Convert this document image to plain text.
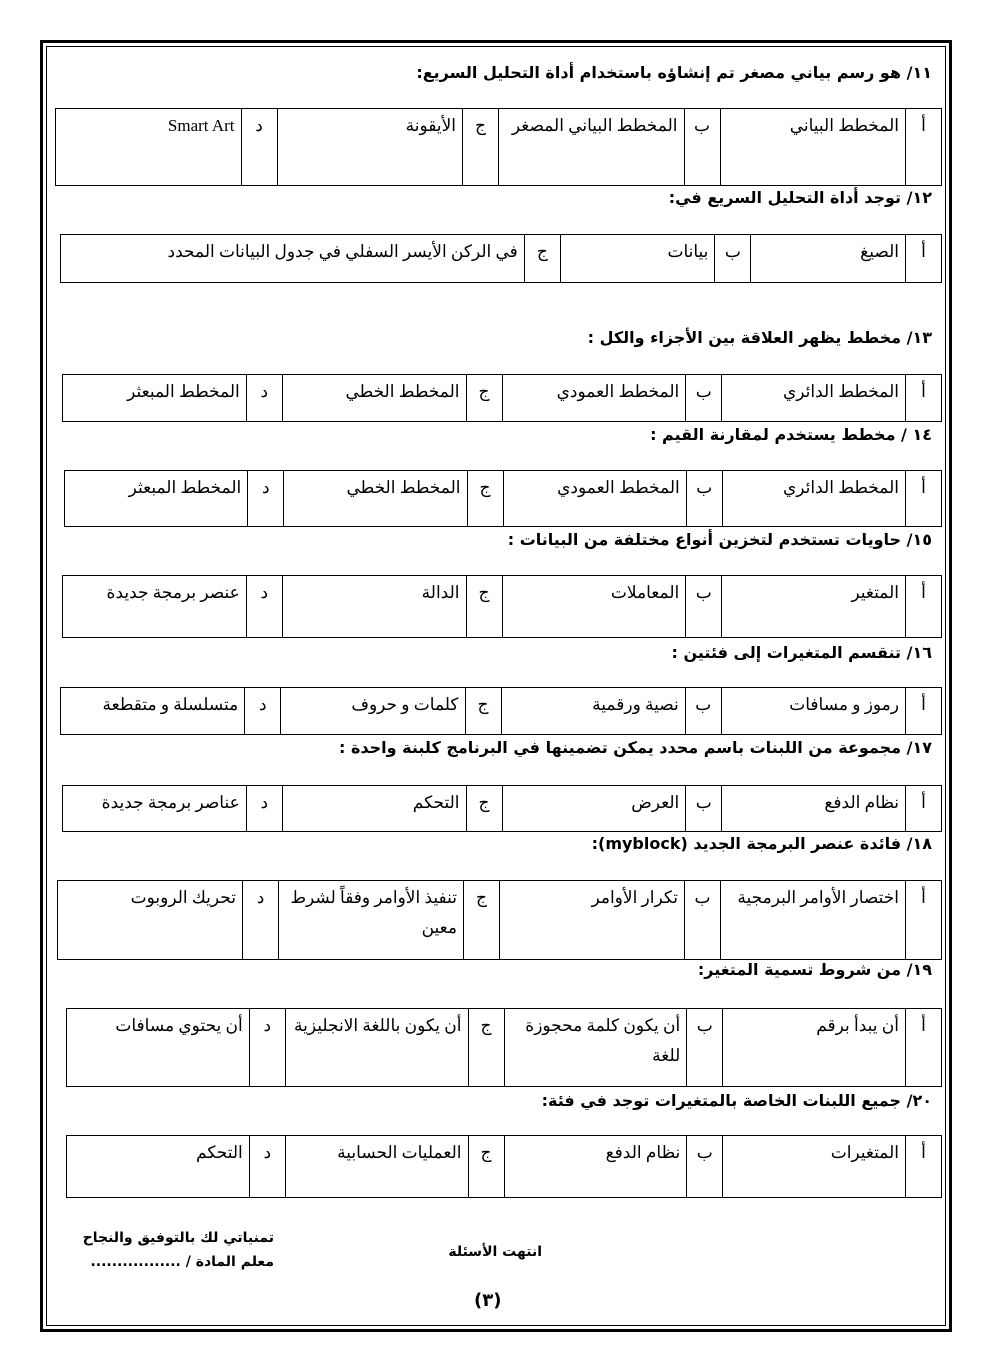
١١/ هو رسم بياني مصغر تم إنشاؤه باستخدام أداة التحليل السريع:
أ	المخطط البياني	ب	المخطط البياني المصغر	ج	الأيقونة	د	Smart Art
١٢/ توجد أداة التحليل السريع في:
أ	الصيغ	ب	بيانات	ج	في الركن الأيسر السفلي في جدول البيانات المحدد
١٣/ مخطط يظهر العلاقة بين الأجزاء والكل :
أ	المخطط الدائري	ب	المخطط العمودي	ج	المخطط الخطي	د	المخطط المبعثر
١٤ / مخطط يستخدم لمقارنة القيم :
أ	المخطط الدائري	ب	المخطط العمودي	ج	المخطط الخطي	د	المخطط المبعثر
١٥/ حاويات تستخدم لتخزين أنواع مختلفة من البيانات :
أ	المتغير	ب	المعاملات	ج	الدالة	د	عنصر برمجة جديدة
١٦/ تنقسم المتغيرات إلى فئتين :
أ	رموز و مسافات	ب	نصية ورقمية	ج	كلمات و حروف	د	متسلسلة و متقطعة
١٧/ مجموعة من اللبنات باسم محدد يمكن تضمينها في البرنامج كلبنة واحدة :
أ	نظام الدفع	ب	العرض	ج	التحكم	د	عناصر برمجة جديدة
١٨/ فائدة عنصر البرمجة الجديد (myblock):
أ	اختصار الأوامر البرمجية	ب	تكرار الأوامر	ج	تنفيذ الأوامر وفقاً لشرط معين	د	تحريك الروبوت
١٩/ من شروط تسمية المتغير:
أ	أن يبدأ برقم	ب	أن يكون كلمة محجوزة للغة	ج	أن يكون باللغة الانجليزية	د	أن يحتوي مسافات
٢٠/ جميع اللبنات الخاصة بالمتغيرات توجد في فئة:
أ	المتغيرات	ب	نظام الدفع	ج	العمليات الحسابية	د	التحكم
انتهت الأسئلة
تمنياتي لك بالتوفيق والنجاح
معلم المادة / .................
(٣)
